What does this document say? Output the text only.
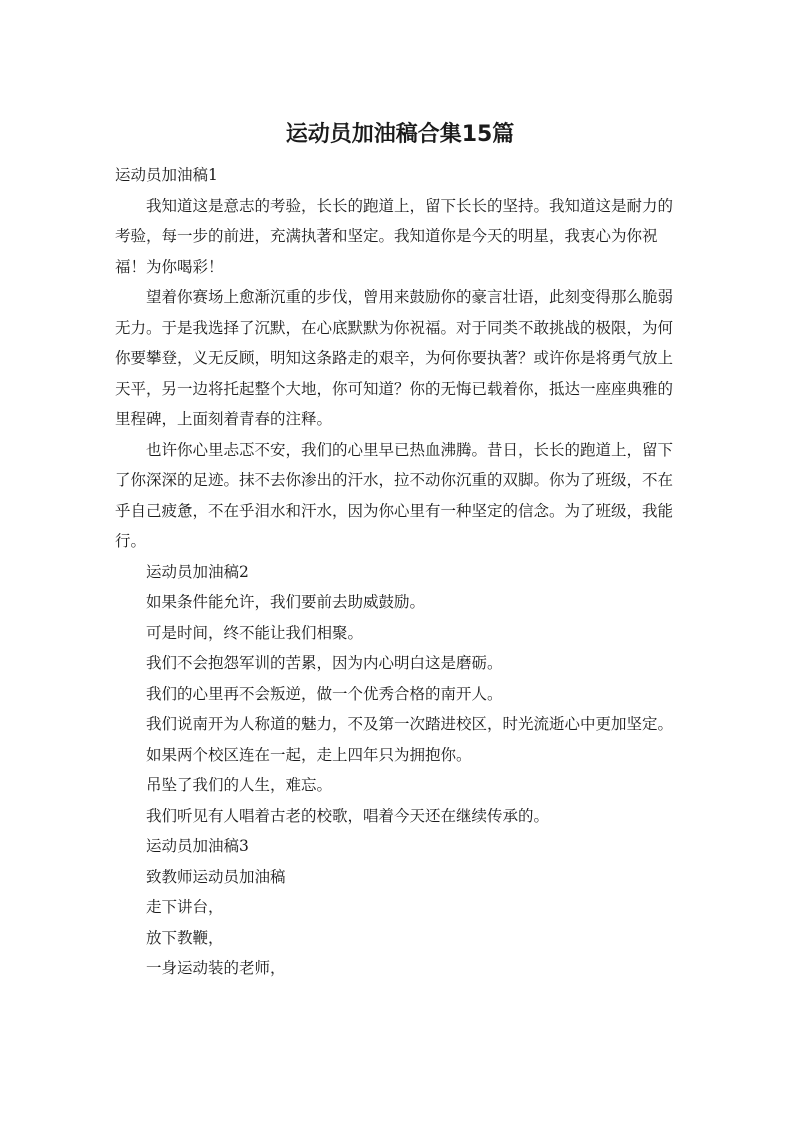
运动员加油稿合集15篇

运动员加油稿1

我知道这是意志的考验，长长的跑道上，留下长长的坚持。我知道这是耐力的考验，每一步的前进，充满执著和坚定。我知道你是今天的明星，我衷心为你祝福！为你喝彩！

望着你赛场上愈渐沉重的步伐，曾用来鼓励你的豪言壮语，此刻变得那么脆弱无力。于是我选择了沉默，在心底默默为你祝福。对于同类不敢挑战的极限，为何你要攀登，义无反顾，明知这条路走的艰辛，为何你要执著？或许你是将勇气放上天平，另一边将托起整个大地，你可知道？你的无悔已载着你，抵达一座座典雅的里程碑，上面刻着青春的注释。

也许你心里忐忑不安，我们的心里早已热血沸腾。昔日，长长的跑道上，留下了你深深的足迹。抹不去你渗出的汗水，拉不动你沉重的双脚。你为了班级，不在乎自己疲惫，不在乎泪水和汗水，因为你心里有一种坚定的信念。为了班级，我能行。

运动员加油稿2

如果条件能允许，我们要前去助威鼓励。

可是时间，终不能让我们相聚。

我们不会抱怨军训的苦累，因为内心明白这是磨砺。

我们的心里再不会叛逆，做一个优秀合格的南开人。

我们说南开为人称道的魅力，不及第一次踏进校区，时光流逝心中更加坚定。

如果两个校区连在一起，走上四年只为拥抱你。

吊坠了我们的人生，难忘。

我们听见有人唱着古老的校歌，唱着今天还在继续传承的。

运动员加油稿3

致教师运动员加油稿

走下讲台，

放下教鞭，

一身运动装的老师，
